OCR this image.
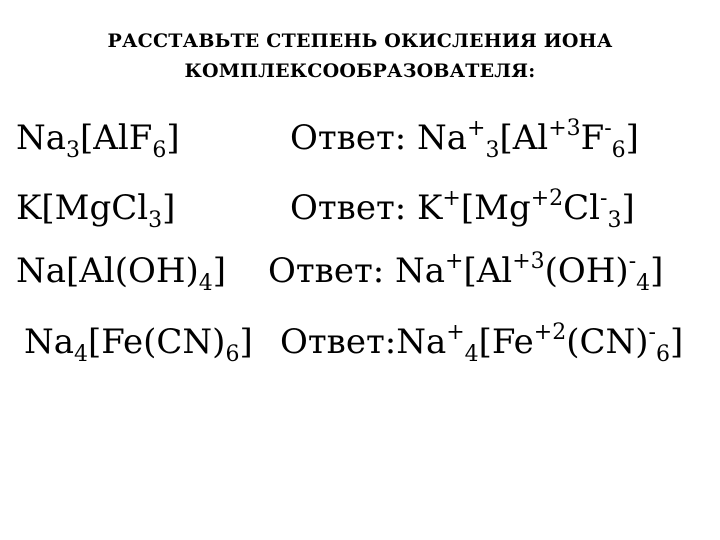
РАССТАВЬТЕ СТЕПЕНЬ ОКИСЛЕНИЯ ИОНА
КОМПЛЕКСООБРАЗОВАТЕЛЯ:
$Na_3[AlF_6]$	Ответ: $Na^+_3[Al^{+3}F^-_6]$
K[MgCl$_3$]	Ответ: $K^+[Mg^{+2}Cl^-_3]$
$Na[Al(OH)_4]$ Ответ: $Na^+[Al^{+3}(OH)^-_4]$
$Na_4[Fe(CN)_6]$ $Ответ:Na^+_4[Fe^{+2}(CN)^-_6]$
